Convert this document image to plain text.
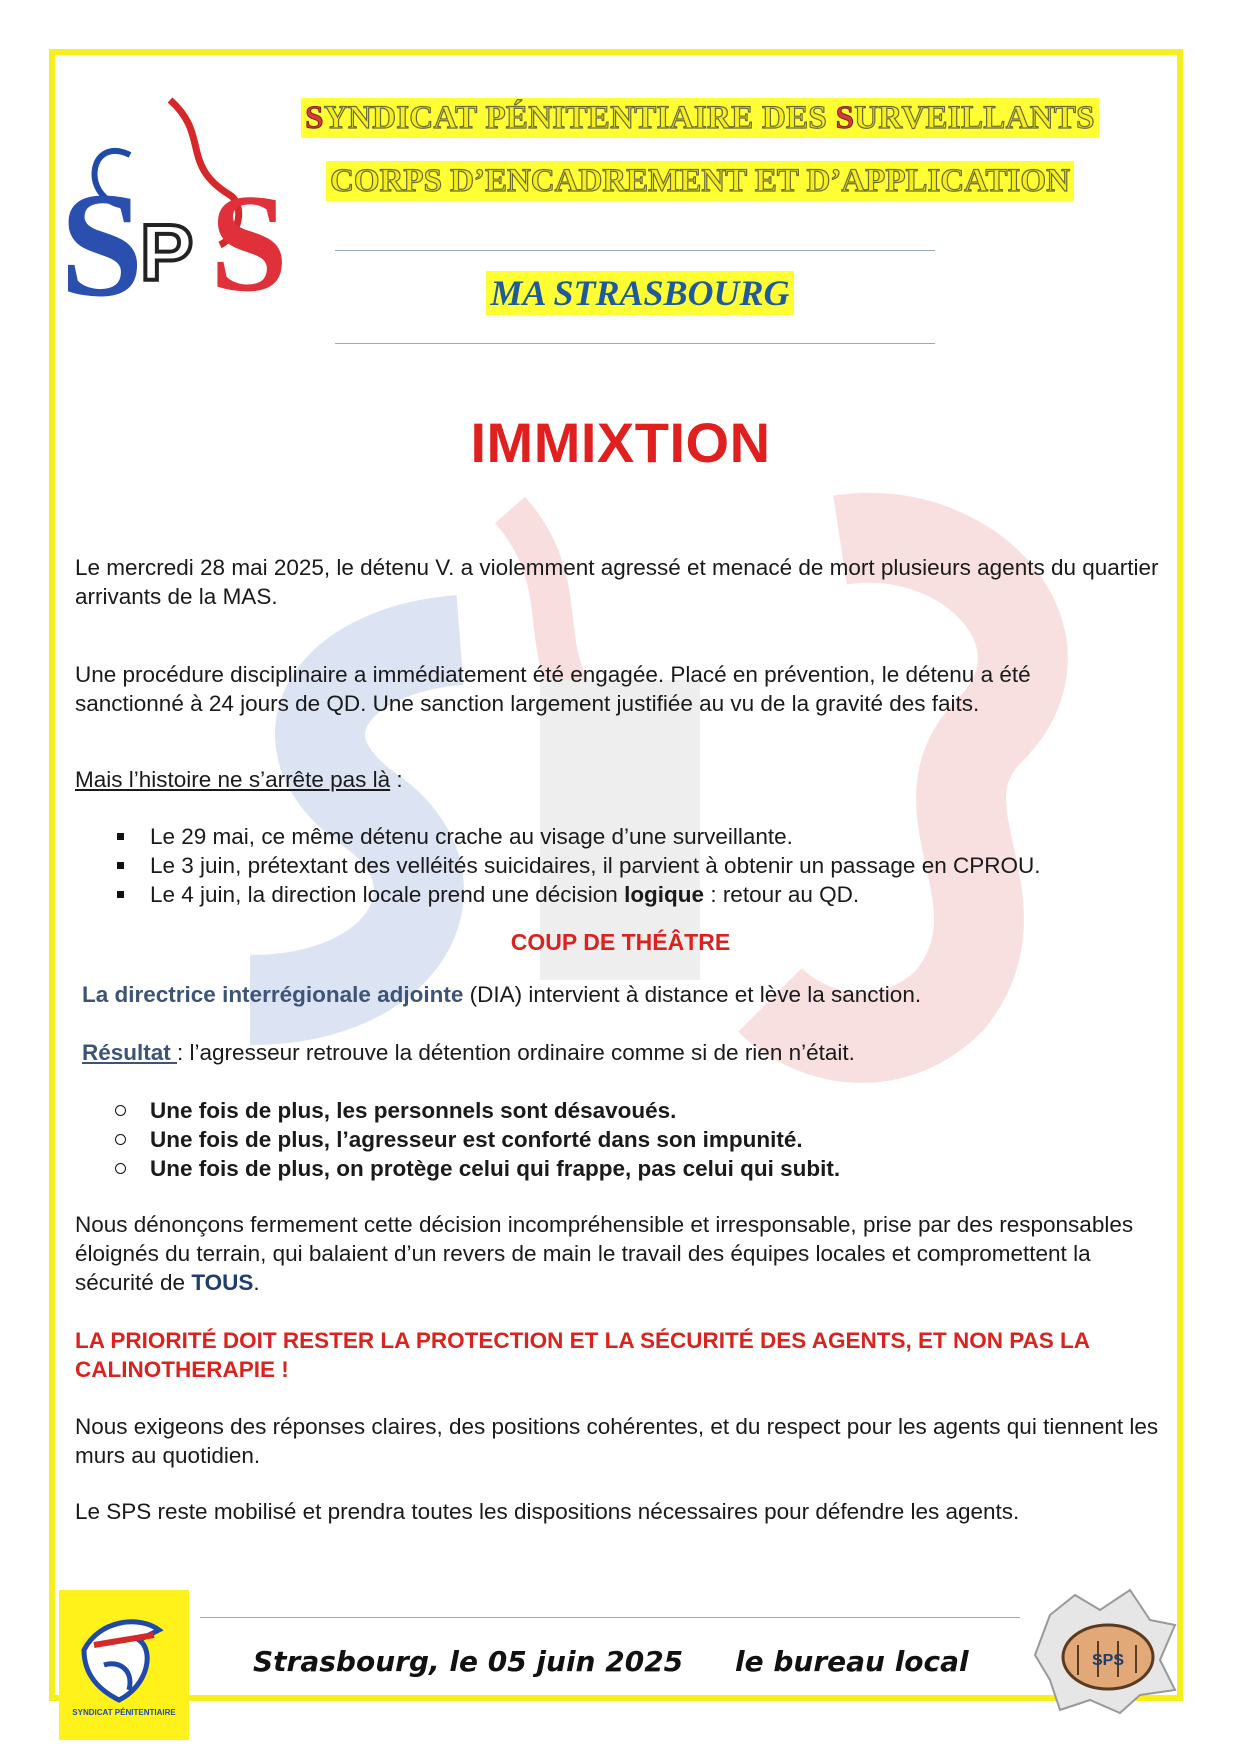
S
P S
SYNDICAT PÉNITENTIAIRE DES SURVEILLANTS
CORPS D’ENCADREMENT ET D’APPLICATION
MA STRASBOURG
IMMIXTION
Le mercredi 28 mai 2025, le détenu V. a violemment agressé et menacé de mort plusieurs agents du quartier arrivants de la MAS.
Une procédure disciplinaire a immédiatement été engagée. Placé en prévention, le détenu a été sanctionné à 24 jours de QD. Une sanction largement justifiée au vu de la gravité des faits.
Mais l’histoire ne s’arrête pas là :
Le 29 mai, ce même détenu crache au visage d’une surveillante.
Le 3 juin, prétextant des velléités suicidaires, il parvient à obtenir un passage en CPROU.
Le 4 juin, la direction locale prend une décision logique : retour au QD.
COUP DE THÉÂTRE
La directrice interrégionale adjointe (DIA) intervient à distance et lève la sanction.
Résultat : l’agresseur retrouve la détention ordinaire comme si de rien n’était.
Une fois de plus, les personnels sont désavoués.
Une fois de plus, l’agresseur est conforté dans son impunité.
Une fois de plus, on protège celui qui frappe, pas celui qui subit.
Nous dénonçons fermement cette décision incompréhensible et irresponsable, prise par des responsables éloignés du terrain, qui balaient d’un revers de main le travail des équipes locales et compromettent la sécurité de TOUS.
LA PRIORITÉ DOIT RESTER LA PROTECTION ET LA SÉCURITÉ DES AGENTS, ET NON PAS LA CALINOTHERAPIE !
Nous exigeons des réponses claires, des positions cohérentes, et du respect pour les agents qui tiennent les murs au quotidien.
Le SPS reste mobilisé et prendra toutes les dispositions nécessaires pour défendre les agents.
SYNDICAT PÉNITENTIAIRE
Strasbourg, le 05 juin 2025 le bureau local	SPS
